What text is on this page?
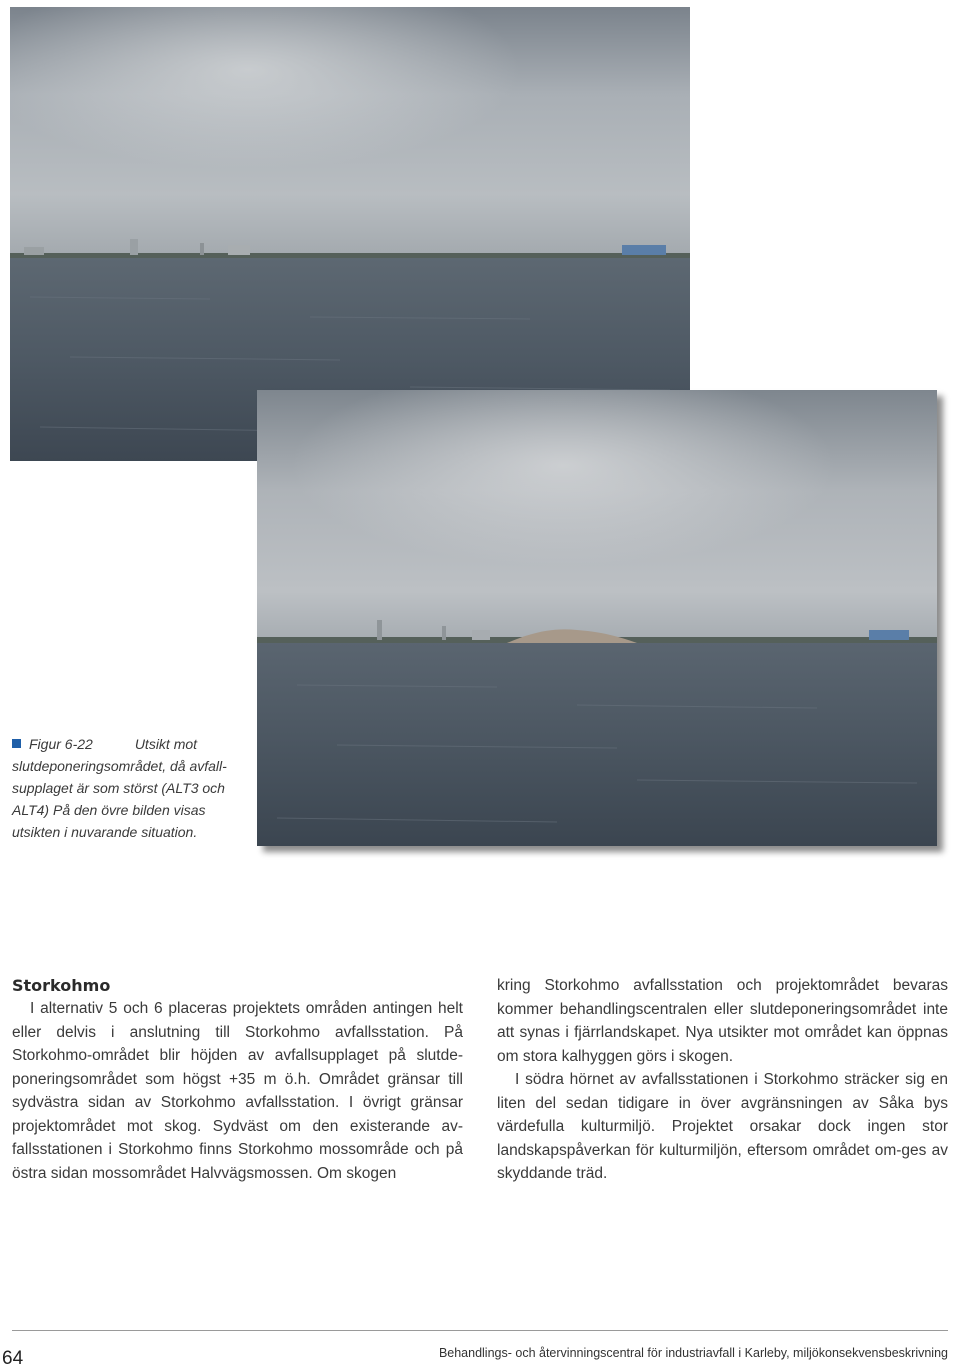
Figur 6-22	Utsikt mot slutdeponeringsområdet, då avfall-supplaget är som störst (ALT3 och ALT4) På den övre bilden visas utsikten i nuvarande situation.
Storkohmo

I alternativ 5 och 6 placeras projektets områden antingen helt eller delvis i anslutning till Storkohmo avfallsstation. På Storkohmo-området blir höjden av avfallsupplaget på slutde-poneringsområdet som högst +35 m ö.h. Området gränsar till sydvästra sidan av Storkohmo avfallsstation. I övrigt gränsar projektområdet mot skog. Sydväst om den existerande av-fallsstationen i Storkohmo finns Storkohmo mossområde och på östra sidan mossområdet Halvvägsmossen. Om skogen

kring Storkohmo avfallsstation och projektområdet bevaras kommer behandlingscentralen eller slutdeponeringsområdet inte att synas i fjärrlandskapet. Nya utsikter mot området kan öppnas om stora kalhyggen görs i skogen.

I södra hörnet av avfallsstationen i Storkohmo sträcker sig en liten del sedan tidigare in över avgränsningen av Såka bys värdefulla kulturmiljö. Projektet orsakar dock ingen stor landskapspåverkan för kulturmiljön, eftersom området om-ges av skyddande träd.

64	Behandlings- och återvinningscentral för industriavfall i Karleby, miljökonsekvensbeskrivning
